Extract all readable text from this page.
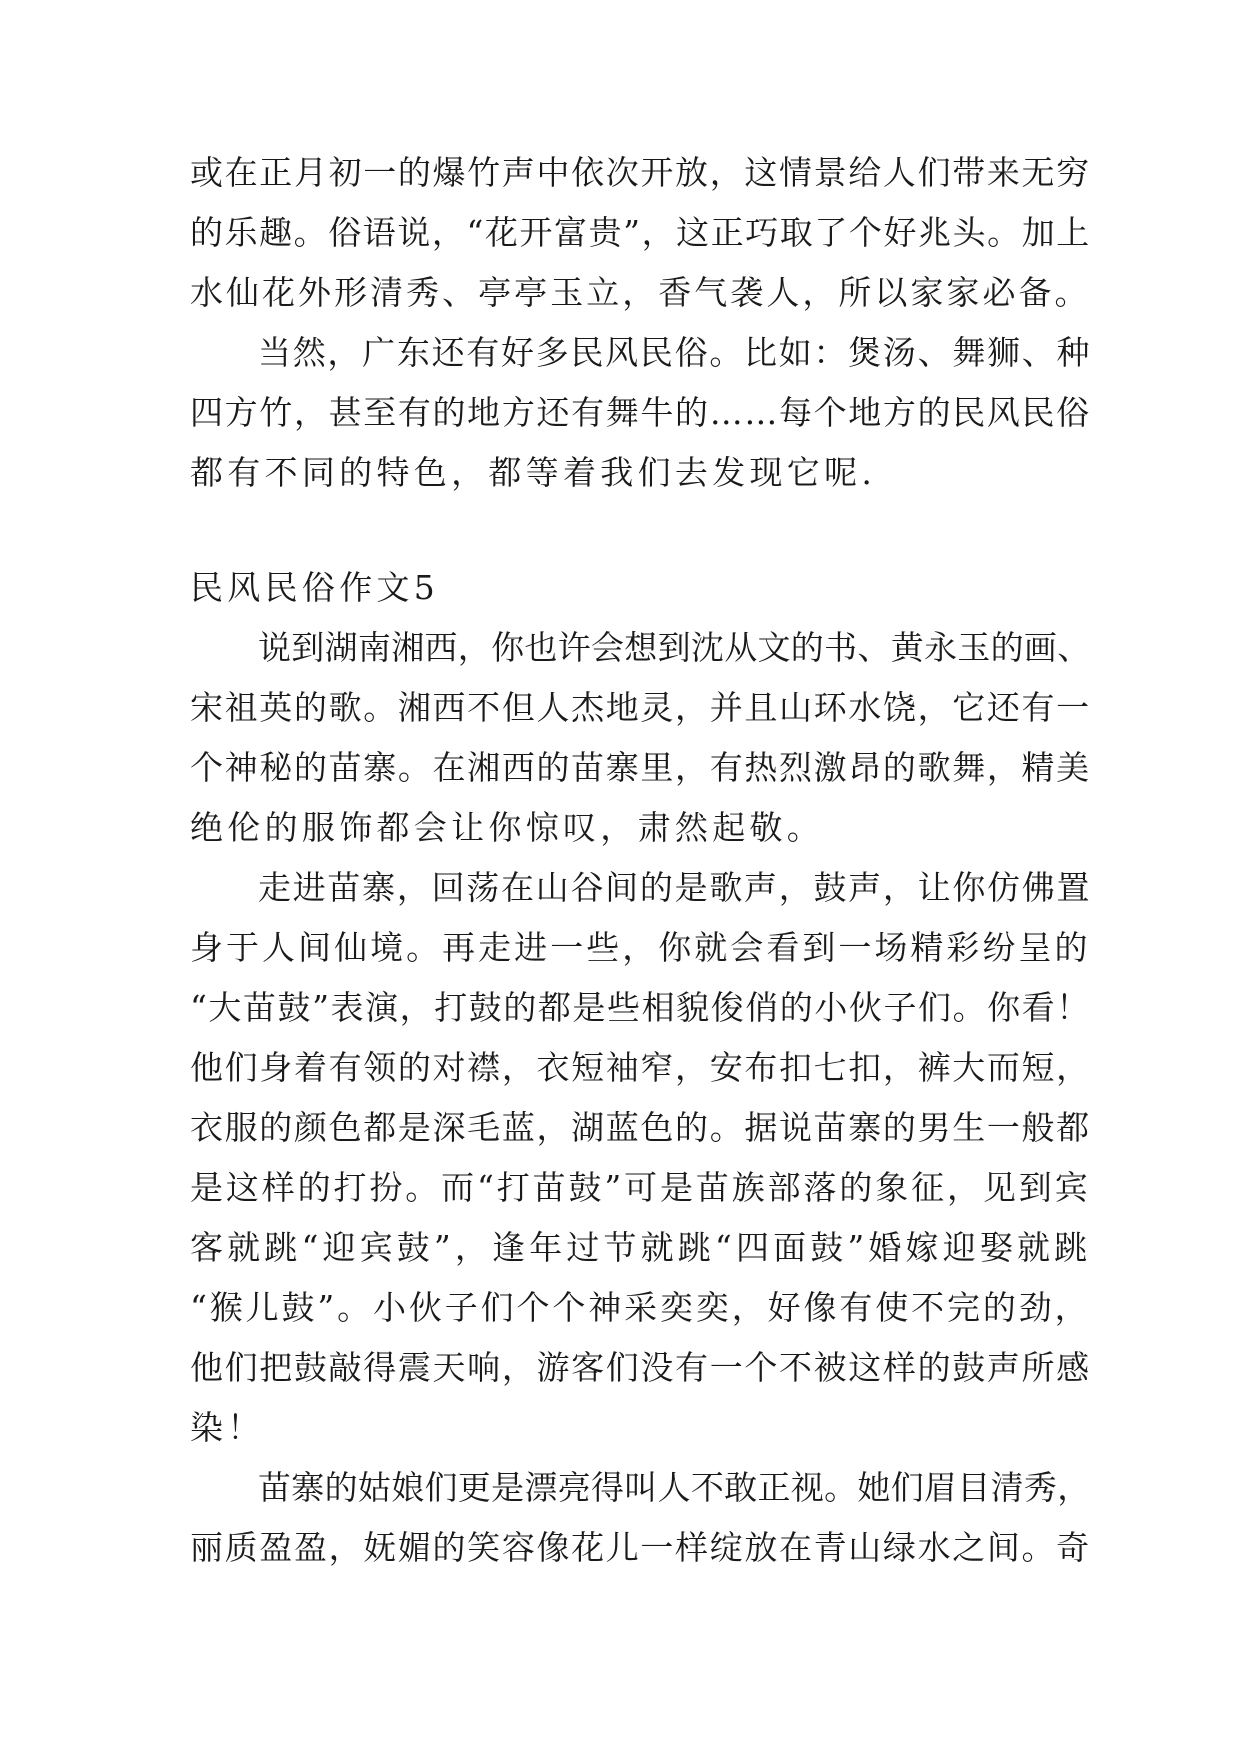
或在正月初一的爆竹声中依次开放，这情景给人们带来无穷
的乐趣。俗语说，“花开富贵”，这正巧取了个好兆头。加上
水仙花外形清秀、亭亭玉立，香气袭人，所以家家必备。
当然，广东还有好多民风民俗。比如：煲汤、舞狮、种
四方竹，甚至有的地方还有舞牛的……每个地方的民风民俗
都有不同的特色，都等着我们去发现它呢.
民风民俗作文5
说到湖南湘西，你也许会想到沈从文的书、黄永玉的画、
宋祖英的歌。湘西不但人杰地灵，并且山环水饶，它还有一
个神秘的苗寨。在湘西的苗寨里，有热烈激昂的歌舞，精美
绝伦的服饰都会让你惊叹，肃然起敬。
走进苗寨，回荡在山谷间的是歌声，鼓声，让你仿佛置
身于人间仙境。再走进一些，你就会看到一场精彩纷呈的
“大苗鼓”表演，打鼓的都是些相貌俊俏的小伙子们。你看！
他们身着有领的对襟，衣短袖窄，安布扣七扣，裤大而短，
衣服的颜色都是深毛蓝，湖蓝色的。据说苗寨的男生一般都
是这样的打扮。而“打苗鼓”可是苗族部落的象征，见到宾
客就跳“迎宾鼓”，逢年过节就跳“四面鼓”婚嫁迎娶就跳
“猴儿鼓”。小伙子们个个神采奕奕，好像有使不完的劲，
他们把鼓敲得震天响，游客们没有一个不被这样的鼓声所感
染！
苗寨的姑娘们更是漂亮得叫人不敢正视。她们眉目清秀，
丽质盈盈，妩媚的笑容像花儿一样绽放在青山绿水之间。奇
